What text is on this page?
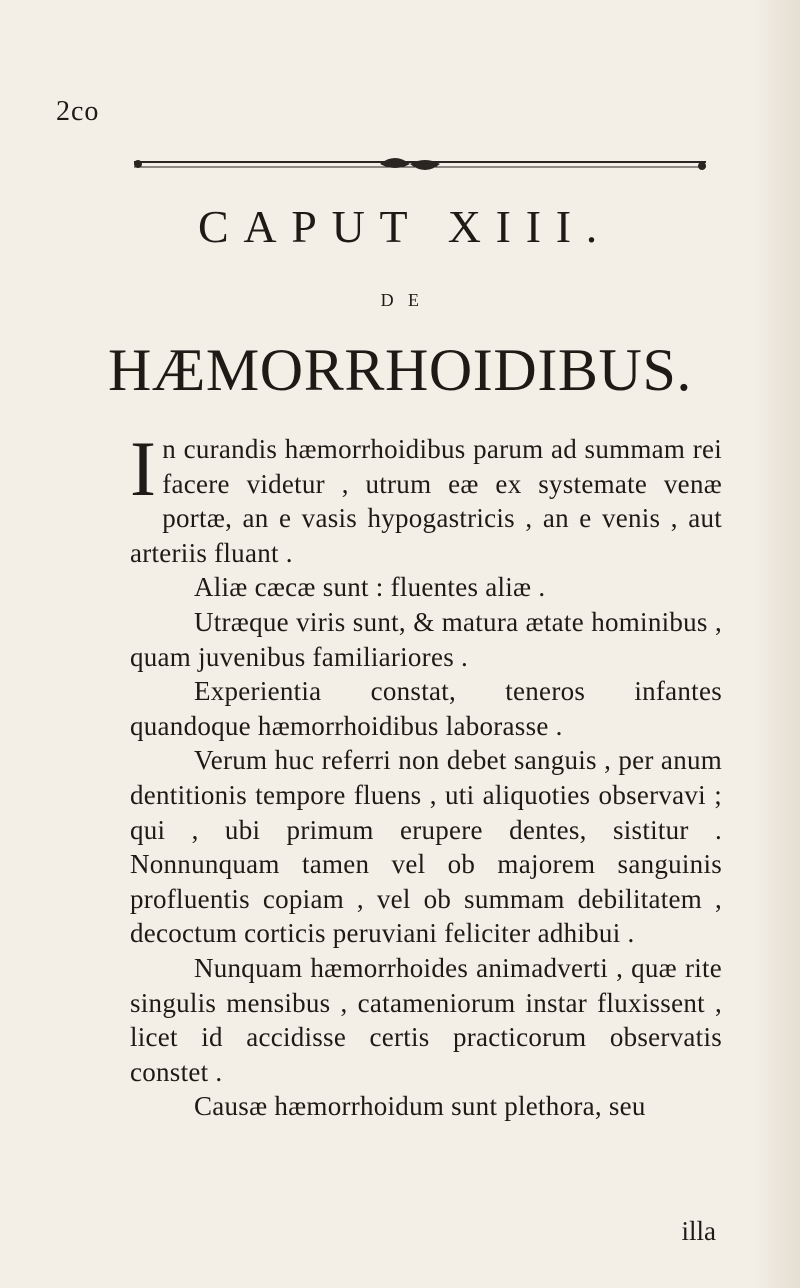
2co
CAPUT XIII.
DE
HÆMORRHOIDIBUS.

In curandis hæmorrhoidibus parum ad summam rei facere videtur , utrum eæ ex systemate venæ portæ, an e vasis hypogastricis , an e venis , aut arteriis fluant .

Aliæ cæcæ sunt : fluentes aliæ .

Utræque viris sunt, & matura ætate hominibus , quam juvenibus familiariores .

Experientia constat, teneros infantes quandoque hæmorrhoidibus laborasse .

Verum huc referri non debet sanguis , per anum dentitionis tempore fluens , uti aliquoties observavi ; qui , ubi primum erupere dentes, sistitur . Nonnunquam tamen vel ob majorem sanguinis profluentis copiam , vel ob summam debilitatem , decoctum corticis peruviani feliciter adhibui .

Nunquam hæmorrhoides animadverti , quæ rite singulis mensibus , catameniorum instar fluxissent , licet id accidisse certis practicorum observatis constet .

Causæ hæmorrhoidum sunt plethora, seu

illa
